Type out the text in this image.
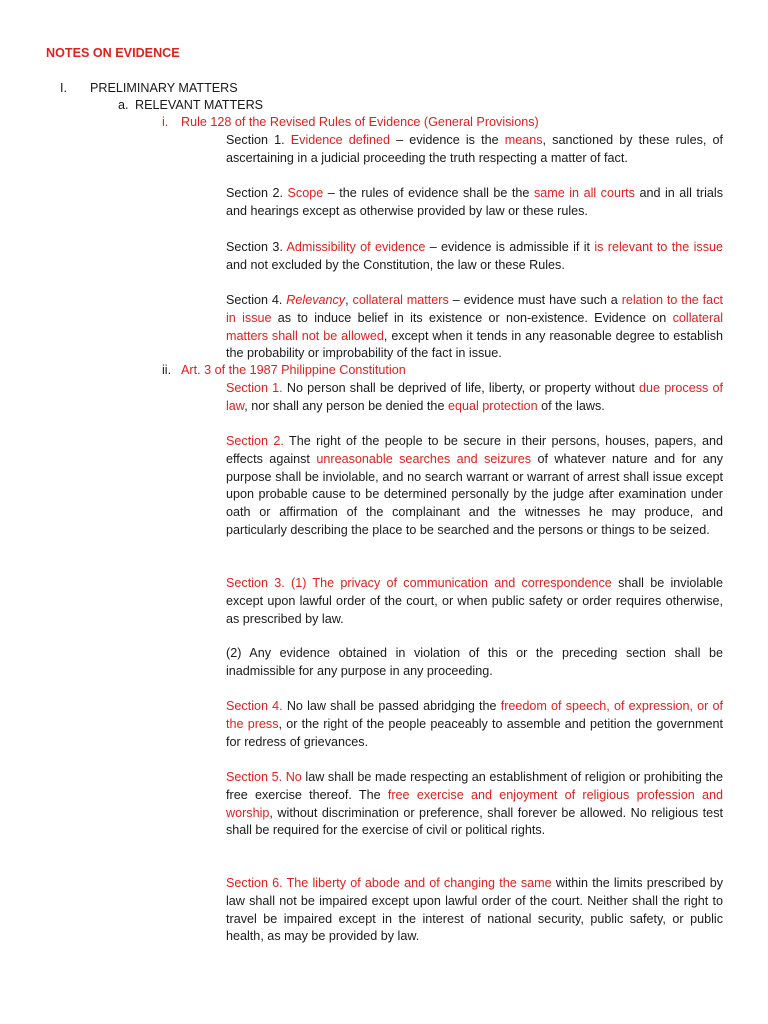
NOTES ON EVIDENCE
I. PRELIMINARY MATTERS
a. RELEVANT MATTERS
i. Rule 128 of the Revised Rules of Evidence (General Provisions)

Section 1. Evidence defined – evidence is the means, sanctioned by these rules, of ascertaining in a judicial proceeding the truth respecting a matter of fact.

Section 2. Scope – the rules of evidence shall be the same in all courts and in all trials and hearings except as otherwise provided by law or these rules.

Section 3. Admissibility of evidence – evidence is admissible if it is relevant to the issue and not excluded by the Constitution, the law or these Rules.

Section 4. Relevancy, collateral matters – evidence must have such a relation to the fact in issue as to induce belief in its existence or non-existence. Evidence on collateral matters shall not be allowed, except when it tends in any reasonable degree to establish the probability or improbability of the fact in issue.

ii. Art. 3 of the 1987 Philippine Constitution

Section 1. No person shall be deprived of life, liberty, or property without due process of law, nor shall any person be denied the equal protection of the laws.

Section 2. The right of the people to be secure in their persons, houses, papers, and effects against unreasonable searches and seizures of whatever nature and for any purpose shall be inviolable, and no search warrant or warrant of arrest shall issue except upon probable cause to be determined personally by the judge after examination under oath or affirmation of the complainant and the witnesses he may produce, and particularly describing the place to be searched and the persons or things to be seized.

Section 3. (1) The privacy of communication and correspondence shall be inviolable except upon lawful order of the court, or when public safety or order requires otherwise, as prescribed by law.

(2) Any evidence obtained in violation of this or the preceding section shall be inadmissible for any purpose in any proceeding.

Section 4. No law shall be passed abridging the freedom of speech, of expression, or of the press, or the right of the people peaceably to assemble and petition the government for redress of grievances.

Section 5. No law shall be made respecting an establishment of religion or prohibiting the free exercise thereof. The free exercise and enjoyment of religious profession and worship, without discrimination or preference, shall forever be allowed. No religious test shall be required for the exercise of civil or political rights.

Section 6. The liberty of abode and of changing the same within the limits prescribed by law shall not be impaired except upon lawful order of the court. Neither shall the right to travel be impaired except in the interest of national security, public safety, or public health, as may be provided by law.
